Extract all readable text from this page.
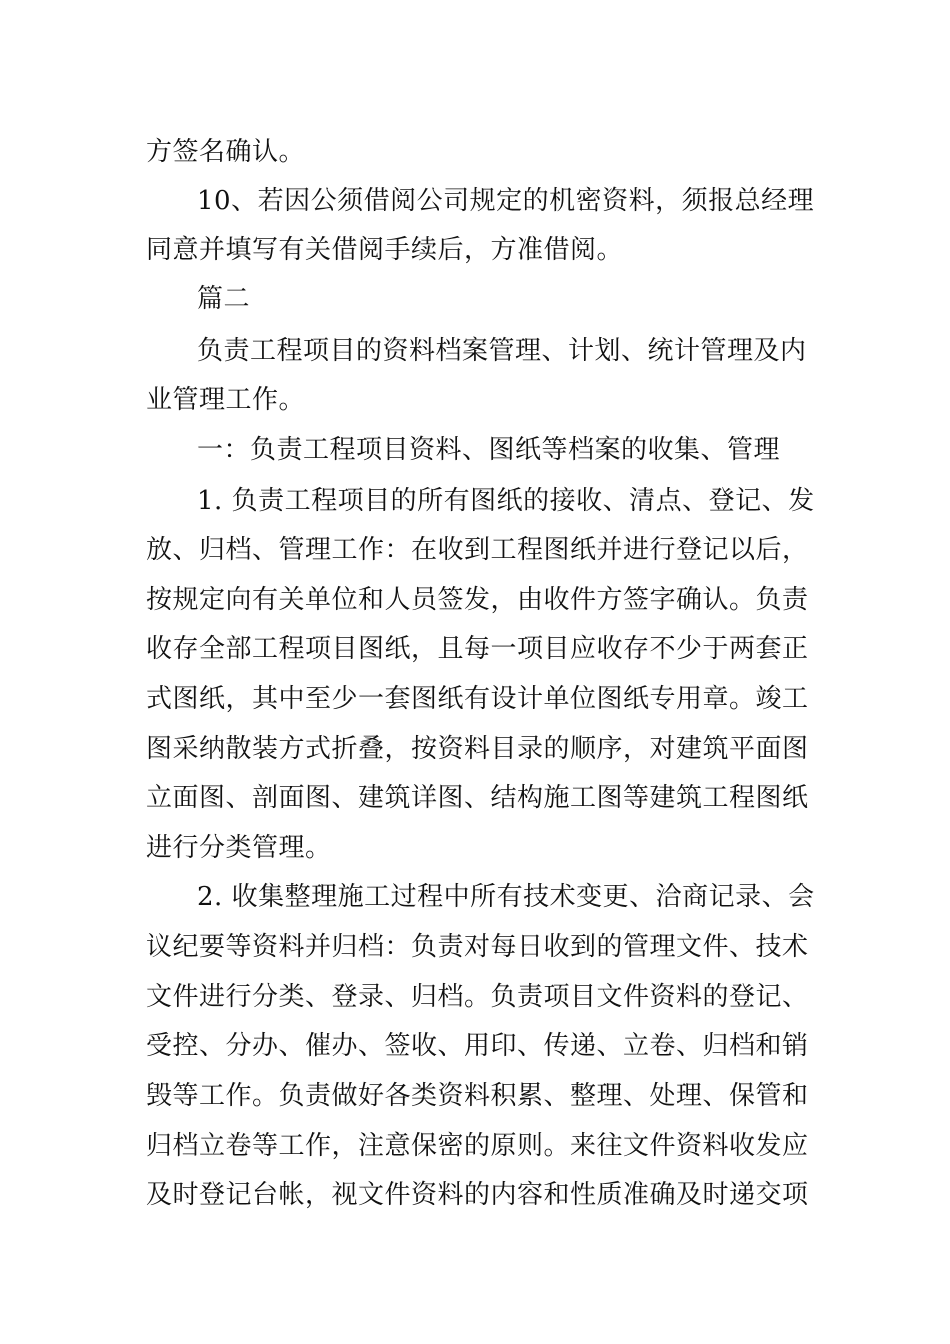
方签名确认。
10、若因公须借阅公司规定的机密资料，须报总经理
同意并填写有关借阅手续后，方准借阅。
篇二
负责工程项目的资料档案管理、计划、统计管理及内
业管理工作。
一：负责工程项目资料、图纸等档案的收集、管理
1. 负责工程项目的所有图纸的接收、清点、登记、发
放、归档、管理工作：在收到工程图纸并进行登记以后，
按规定向有关单位和人员签发，由收件方签字确认。负责
收存全部工程项目图纸，且每一项目应收存不少于两套正
式图纸，其中至少一套图纸有设计单位图纸专用章。竣工
图采纳散装方式折叠，按资料目录的顺序，对建筑平面图
立面图、剖面图、建筑详图、结构施工图等建筑工程图纸
进行分类管理。
2. 收集整理施工过程中所有技术变更、洽商记录、会
议纪要等资料并归档：负责对每日收到的管理文件、技术
文件进行分类、登录、归档。负责项目文件资料的登记、
受控、分办、催办、签收、用印、传递、立卷、归档和销
毁等工作。负责做好各类资料积累、整理、处理、保管和
归档立卷等工作，注意保密的原则。来往文件资料收发应
及时登记台帐，视文件资料的内容和性质准确及时递交项
